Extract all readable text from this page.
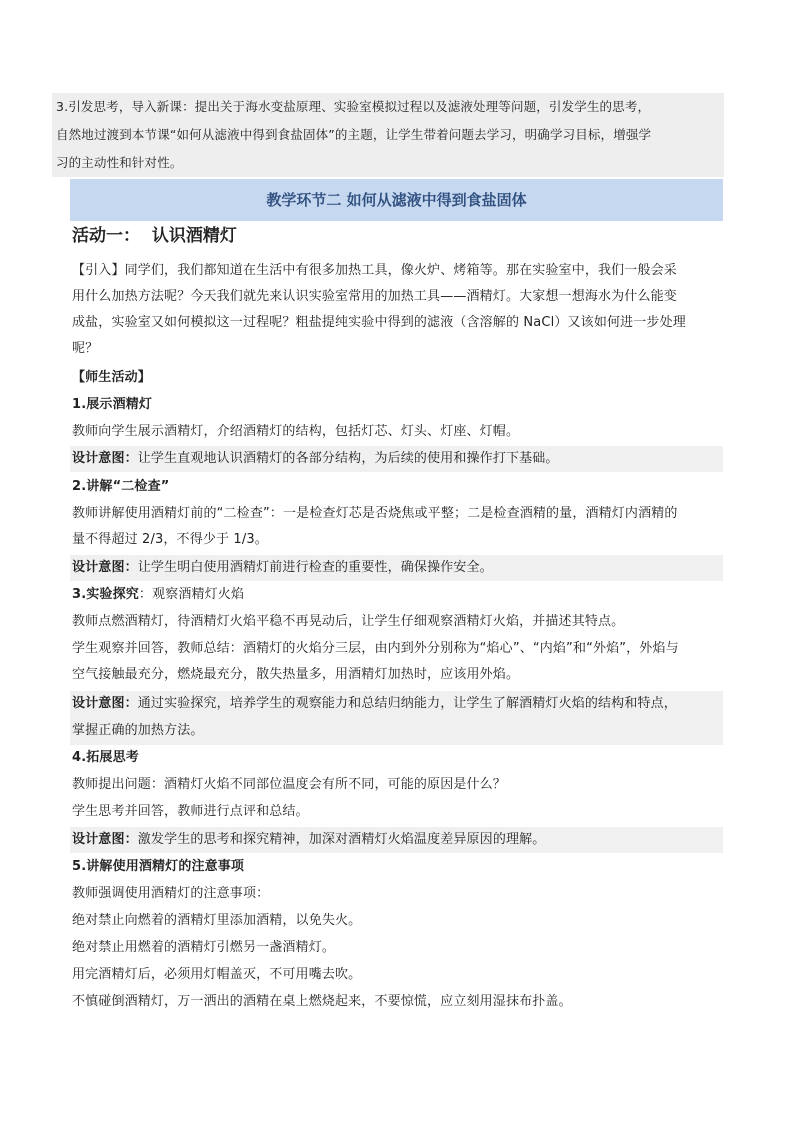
3.引发思考，导入新课：提出关于海水变盐原理、实验室模拟过程以及滤液处理等问题，引发学生的思考，
自然地过渡到本节课“如何从滤液中得到食盐固体”的主题，让学生带着问题去学习，明确学习目标，增强学
习的主动性和针对性。
教学环节二 如何从滤液中得到食盐固体
活动一：  认识酒精灯
【引入】同学们，我们都知道在生活中有很多加热工具，像火炉、烤箱等。那在实验室中，我们一般会采
用什么加热方法呢？今天我们就先来认识实验室常用的加热工具——酒精灯。大家想一想海水为什么能变
成盐，实验室又如何模拟这一过程呢？粗盐提纯实验中得到的滤液（含溶解的 NaCl）又该如何进一步处理
呢？
【师生活动】
1.展示酒精灯
教师向学生展示酒精灯，介绍酒精灯的结构，包括灯芯、灯头、灯座、灯帽。
设计意图：让学生直观地认识酒精灯的各部分结构，为后续的使用和操作打下基础。
2.讲解“二检查”
教师讲解使用酒精灯前的“二检查”：一是检查灯芯是否烧焦或平整；二是检查酒精的量，酒精灯内酒精的
量不得超过 2/3，不得少于 1/3。
设计意图：让学生明白使用酒精灯前进行检查的重要性，确保操作安全。
3.实验探究：观察酒精灯火焰
教师点燃酒精灯，待酒精灯火焰平稳不再晃动后，让学生仔细观察酒精灯火焰，并描述其特点。
学生观察并回答，教师总结：酒精灯的火焰分三层，由内到外分别称为“焰心”、“内焰”和“外焰”，外焰与
空气接触最充分，燃烧最充分，散失热量多，用酒精灯加热时，应该用外焰。
设计意图：通过实验探究，培养学生的观察能力和总结归纳能力，让学生了解酒精灯火焰的结构和特点，
掌握正确的加热方法。
4.拓展思考
教师提出问题：酒精灯火焰不同部位温度会有所不同，可能的原因是什么？
学生思考并回答，教师进行点评和总结。
设计意图：激发学生的思考和探究精神，加深对酒精灯火焰温度差异原因的理解。
5.讲解使用酒精灯的注意事项
教师强调使用酒精灯的注意事项：
绝对禁止向燃着的酒精灯里添加酒精，以免失火。
绝对禁止用燃着的酒精灯引燃另一盏酒精灯。
用完酒精灯后，必须用灯帽盖灭，不可用嘴去吹。
不慎碰倒酒精灯，万一洒出的酒精在桌上燃烧起来，不要惊慌，应立刻用湿抹布扑盖。
